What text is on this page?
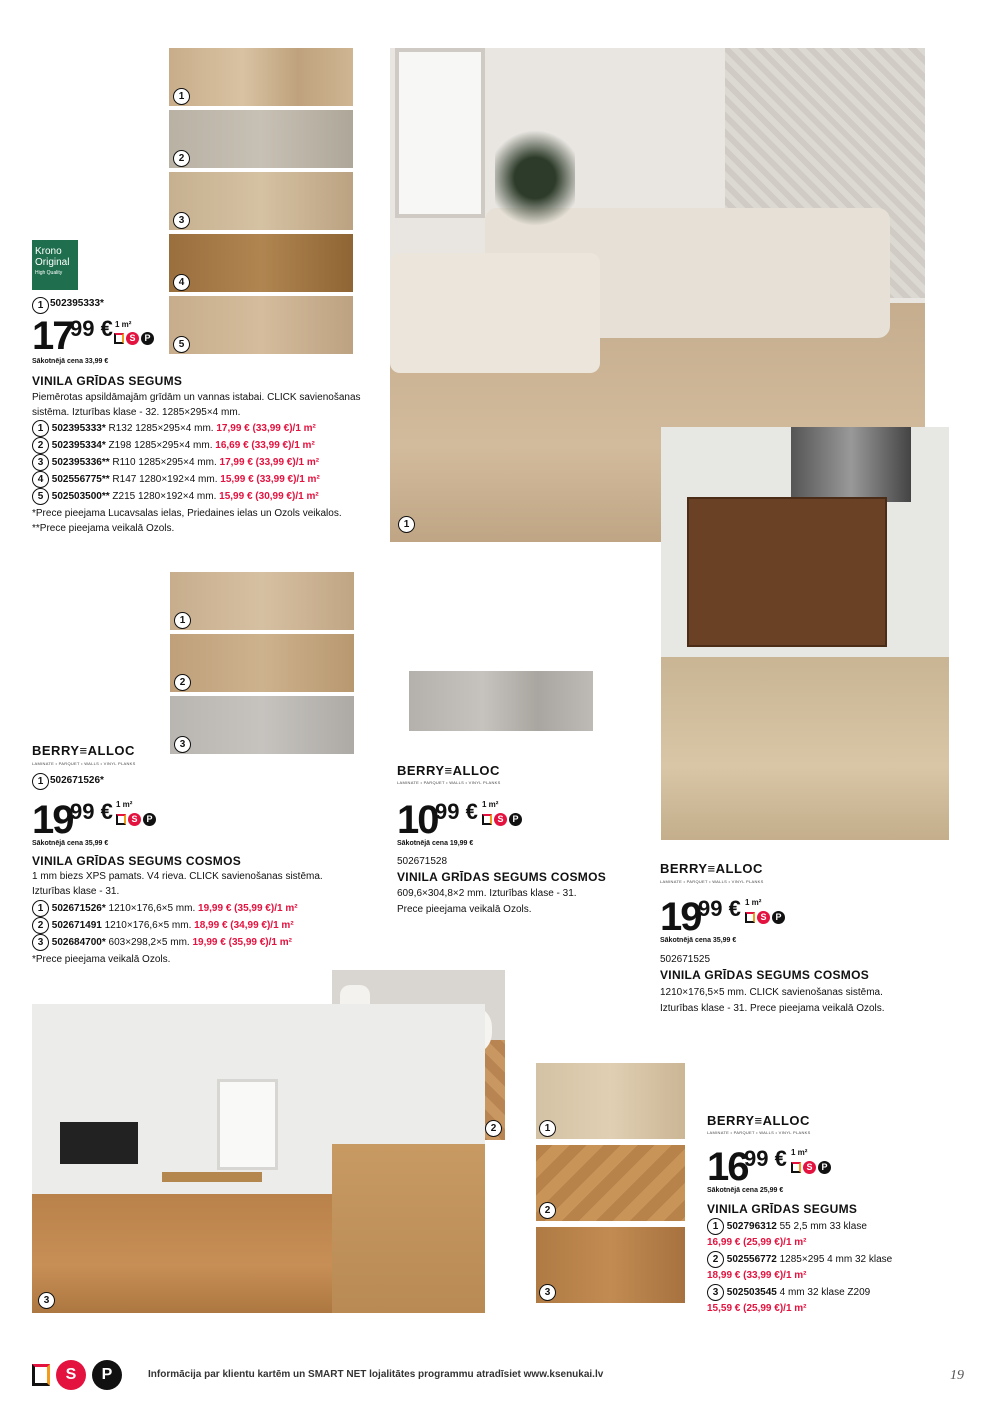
1
2
3
4
5
1
Krono
Original
High Quality
1 502395333*
17
99 € 1 m²
S P
Sākotnējā cena 33,99 €
VINILA GRĪDAS SEGUMS
Piemērotas apsildāmajām grīdām un vannas istabai. CLICK savienošanas
sistēma. Izturības klase - 32. 1285×295×4 mm.
1 502395333* R132 1285×295×4 mm. 17,99 € (33,99 €)/1 m²
2 502395334* Z198 1285×295×4 mm. 16,69 € (33,99 €)/1 m²
3 502395336** R110 1285×295×4 mm. 17,99 € (33,99 €)/1 m²
4 502556775** R147 1280×192×4 mm. 15,99 € (33,99 €)/1 m²
5 502503500** Z215 1280×192×4 mm. 15,99 € (30,99 €)/1 m²
*Prece pieejama Lucavsalas ielas, Priedaines ielas un Ozols veikalos.
**Prece pieejama veikalā Ozols.
1
2
3
BERRY≡ALLOC
LAMINATE • PARQUET • WALLS • VINYL PLANKS
1 502671526*
19
99 € 1 m²
S P
Sākotnējā cena 35,99 €
VINILA GRĪDAS SEGUMS COSMOS
1 mm biezs XPS pamats. V4 rieva. CLICK savienošanas sistēma.
Izturības klase - 31.
1 502671526* 1210×176,6×5 mm. 19,99 € (35,99 €)/1 m²
2 502671491 1210×176,6×5 mm. 18,99 € (34,99 €)/1 m²
3 502684700* 603×298,2×5 mm. 19,99 € (35,99 €)/1 m²
*Prece pieejama veikalā Ozols.
BERRY≡ALLOC
LAMINATE • PARQUET • WALLS • VINYL PLANKS
10
99 € 1 m²
S P
Sākotnējā cena 19,99 €
502671528
VINILA GRĪDAS SEGUMS COSMOS
609,6×304,8×2 mm. Izturības klase - 31.
Prece pieejama veikalā Ozols.
BERRY≡ALLOC
LAMINATE • PARQUET • WALLS • VINYL PLANKS
19
99 € 1 m²
S P
Sākotnējā cena 35,99 €
502671525
VINILA GRĪDAS SEGUMS COSMOS
1210×176,5×5 mm. CLICK savienošanas sistēma.
Izturības klase - 31. Prece pieejama veikalā Ozols.
2
3
1
2
3
BERRY≡ALLOC
LAMINATE • PARQUET • WALLS • VINYL PLANKS
16
99 € 1 m²
S P
Sākotnējā cena 25,99 €
VINILA GRĪDAS SEGUMS
1 502796312 55 2,5 mm 33 klase
16,99 € (25,99 €)/1 m²
2 502556772 1285×295 4 mm 32 klase
18,99 € (33,99 €)/1 m²
3 502503545 4 mm 32 klase Z209
15,59 € (25,99 €)/1 m²
S	P	Informācija par klientu kartēm un SMART NET lojalitātes programmu atradīsiet www.ksenukai.lv	19
